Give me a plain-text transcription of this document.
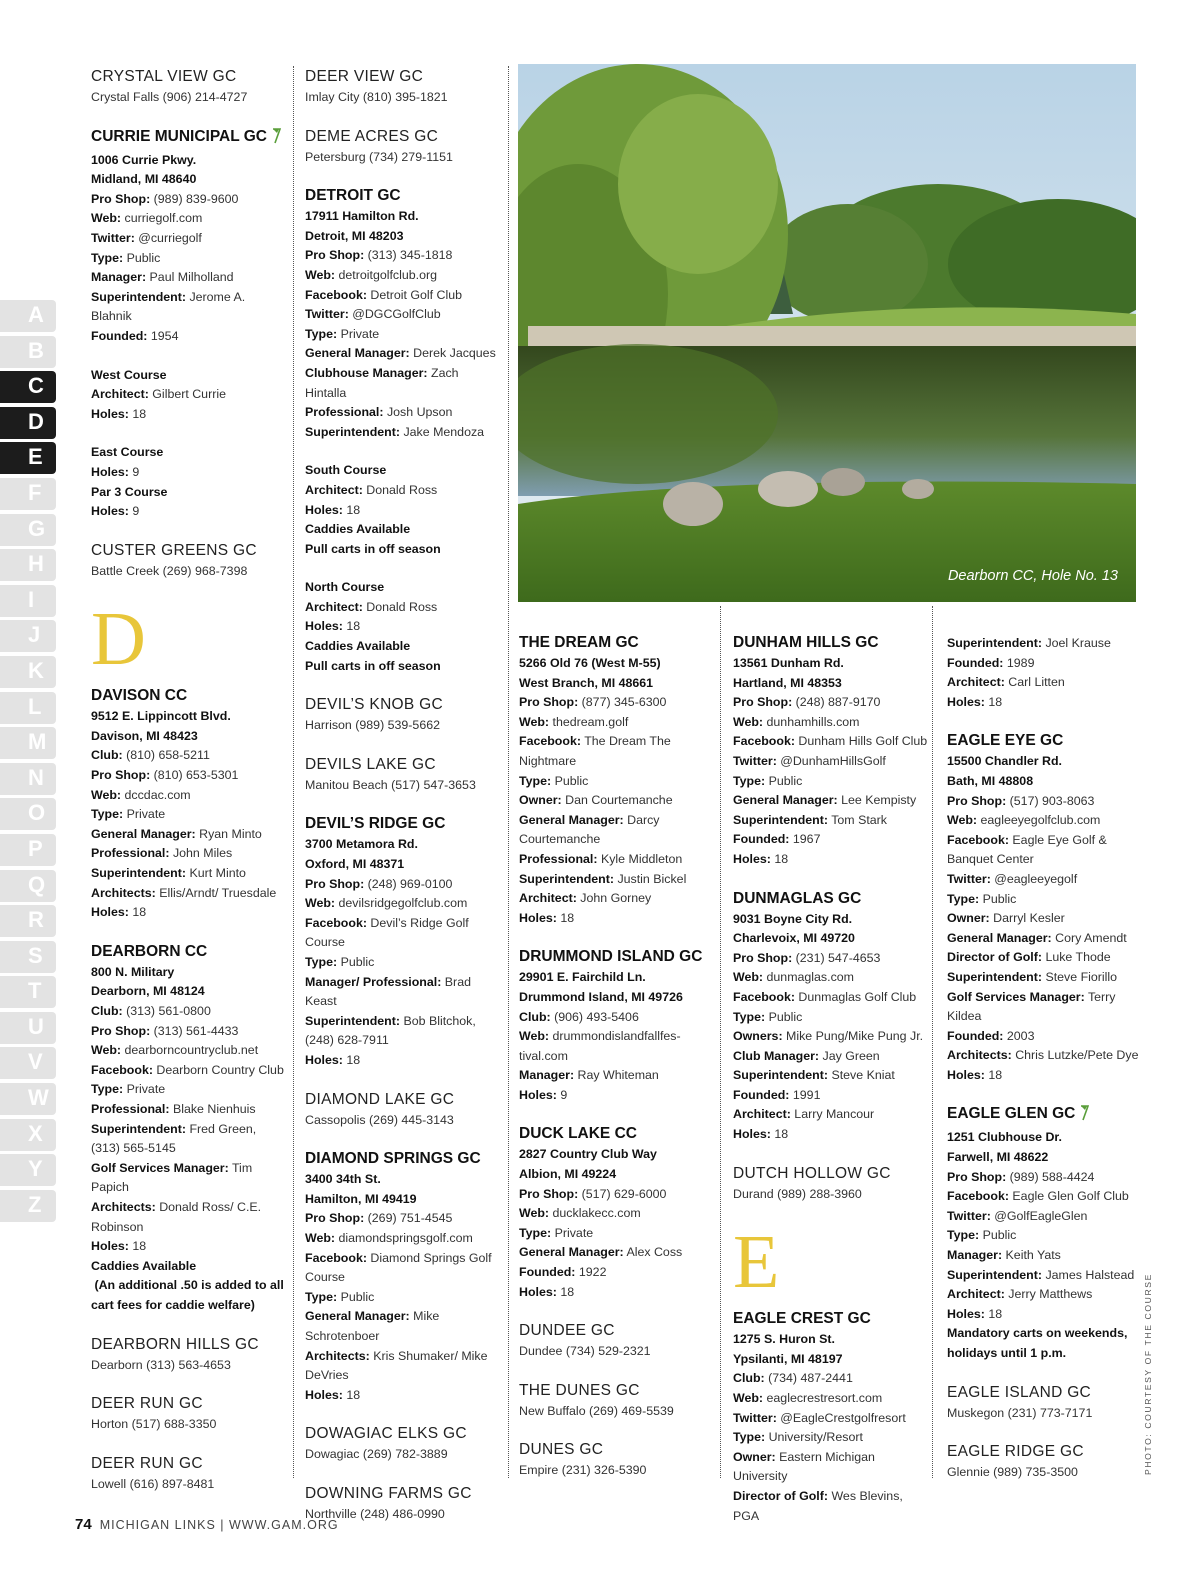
A
B
C
D
E
F
G
H
I
J
K
L
M
N
O
P
Q
R
S
T
U
V
W
X
Y
Z
Dearborn CC, Hole No. 13
CRYSTAL VIEW GC
Crystal Falls (906) 214-4727
CURRIE MUNICIPAL GC
1006 Currie Pkwy.
Midland, MI 48640
Pro Shop: (989) 839-9600
Web: curriegolf.com
Twitter: @curriegolf
Type: Public
Manager: Paul Milholland
Superintendent: Jerome A. Blahnik
Founded: 1954
West Course
Architect: Gilbert Currie
Holes: 18
East Course
Holes: 9
Par 3 Course
Holes: 9
CUSTER GREENS GC
Battle Creek (269) 968-7398
D
DAVISON CC
9512 E. Lippincott Blvd.
Davison, MI 48423
Club: (810) 658-5211
Pro Shop: (810) 653-5301
Web: dccdac.com
Type: Private
General Manager: Ryan Minto
Professional: John Miles
Superintendent: Kurt Minto
Architects: Ellis/Arndt/ Truesdale
Holes: 18
DEARBORN CC
800 N. Military
Dearborn, MI 48124
Club: (313) 561-0800
Pro Shop: (313) 561-4433
Web: dearborncountryclub.net
Facebook: Dearborn Country Club
Type: Private
Professional: Blake Nienhuis
Superintendent: Fred Green, (313) 565-5145
Golf Services Manager: Tim Papich
Architects: Donald Ross/ C.E. Robinson
Holes: 18
Caddies Available
(An additional .50 is added to all cart fees for caddie welfare)
DEARBORN HILLS GC
Dearborn (313) 563-4653
DEER RUN GC
Horton (517) 688-3350
DEER RUN GC
Lowell (616) 897-8481
DEER VIEW GC
Imlay City (810) 395-1821
DEME ACRES GC
Petersburg (734) 279-1151
DETROIT GC
17911 Hamilton Rd.
Detroit, MI 48203
Pro Shop: (313) 345-1818
Web: detroitgolfclub.org
Facebook: Detroit Golf Club
Twitter: @DGCGolfClub
Type: Private
General Manager: Derek Jacques
Clubhouse Manager: Zach Hintalla
Professional: Josh Upson
Superintendent: Jake Mendoza
South Course
Architect: Donald Ross
Holes: 18
Caddies Available
Pull carts in off season
North Course
Architect: Donald Ross
Holes: 18
Caddies Available
Pull carts in off season
DEVIL’S KNOB GC
Harrison (989) 539-5662
DEVILS LAKE GC
Manitou Beach (517) 547-3653
DEVIL’S RIDGE GC
3700 Metamora Rd.
Oxford, MI 48371
Pro Shop: (248) 969-0100
Web: devilsridgegolfclub.com
Facebook: Devil’s Ridge Golf Course
Type: Public
Manager/ Professional: Brad Keast
Superintendent: Bob Blitchok, (248) 628-7911
Holes: 18
DIAMOND LAKE GC
Cassopolis (269) 445-3143
DIAMOND SPRINGS GC
3400 34th St.
Hamilton, MI 49419
Pro Shop: (269) 751-4545
Web: diamondspringsgolf.com
Facebook: Diamond Springs Golf Course
Type: Public
General Manager: Mike Schrotenboer
Architects: Kris Shumaker/ Mike DeVries
Holes: 18
DOWAGIAC ELKS GC
Dowagiac (269) 782-3889
DOWNING FARMS GC
Northville (248) 486-0990
THE DREAM GC
5266 Old 76 (West M-55)
West Branch, MI 48661
Pro Shop: (877) 345-6300
Web: thedream.golf
Facebook: The Dream The Nightmare
Type: Public
Owner: Dan Courtemanche
General Manager: Darcy Courtemanche
Professional: Kyle Middleton
Superintendent: Justin Bickel
Architect: John Gorney
Holes: 18
DRUMMOND ISLAND GC
29901 E. Fairchild Ln.
Drummond Island, MI 49726
Club: (906) 493-5406
Web: drummondislandfallfes- tival.com
Manager: Ray Whiteman
Holes: 9
DUCK LAKE CC
2827 Country Club Way
Albion, MI 49224
Pro Shop: (517) 629-6000
Web: ducklakecc.com
Type: Private
General Manager: Alex Coss
Founded: 1922
Holes: 18
DUNDEE GC
Dundee (734) 529-2321
THE DUNES GC
New Buffalo (269) 469-5539
DUNES GC
Empire (231) 326-5390
DUNHAM HILLS GC
13561 Dunham Rd.
Hartland, MI 48353
Pro Shop: (248) 887-9170
Web: dunhamhills.com
Facebook: Dunham Hills Golf Club
Twitter: @DunhamHillsGolf
Type: Public
General Manager: Lee Kempisty
Superintendent: Tom Stark
Founded: 1967
Holes: 18
DUNMAGLAS GC
9031 Boyne City Rd.
Charlevoix, MI 49720
Pro Shop: (231) 547-4653
Web: dunmaglas.com
Facebook: Dunmaglas Golf Club
Type: Public
Owners: Mike Pung/Mike Pung Jr.
Club Manager: Jay Green
Superintendent: Steve Kniat
Founded: 1991
Architect: Larry Mancour
Holes: 18
DUTCH HOLLOW GC
Durand (989) 288-3960
E
EAGLE CREST GC
1275 S. Huron St.
Ypsilanti, MI 48197
Club: (734) 487-2441
Web: eaglecrestresort.com
Twitter: @EagleCrestgolfresort
Type: University/Resort
Owner: Eastern Michigan University
Director of Golf: Wes Blevins, PGA
Superintendent: Joel Krause
Founded: 1989
Architect: Carl Litten
Holes: 18
EAGLE EYE GC
15500 Chandler Rd.
Bath, MI 48808
Pro Shop: (517) 903-8063
Web: eagleeyegolfclub.com
Facebook: Eagle Eye Golf & Banquet Center
Twitter: @eagleeyegolf
Type: Public
Owner: Darryl Kesler
General Manager: Cory Amendt
Director of Golf: Luke Thode
Superintendent: Steve Fiorillo
Golf Services Manager: Terry Kildea
Founded: 2003
Architects: Chris Lutzke/Pete Dye
Holes: 18
EAGLE GLEN GC
1251 Clubhouse Dr.
Farwell, MI 48622
Pro Shop: (989) 588-4424
Facebook: Eagle Glen Golf Club
Twitter: @GolfEagleGlen
Type: Public
Manager: Keith Yats
Superintendent: James Halstead
Architect: Jerry Matthews
Holes: 18
Mandatory carts on weekends, holidays until 1 p.m.
EAGLE ISLAND GC
Muskegon (231) 773-7171
EAGLE RIDGE GC
Glennie (989) 735-3500	PHOTO: COURTESY OF THE COURSE
74 MICHIGAN LINKS | WWW.GAM.ORG
